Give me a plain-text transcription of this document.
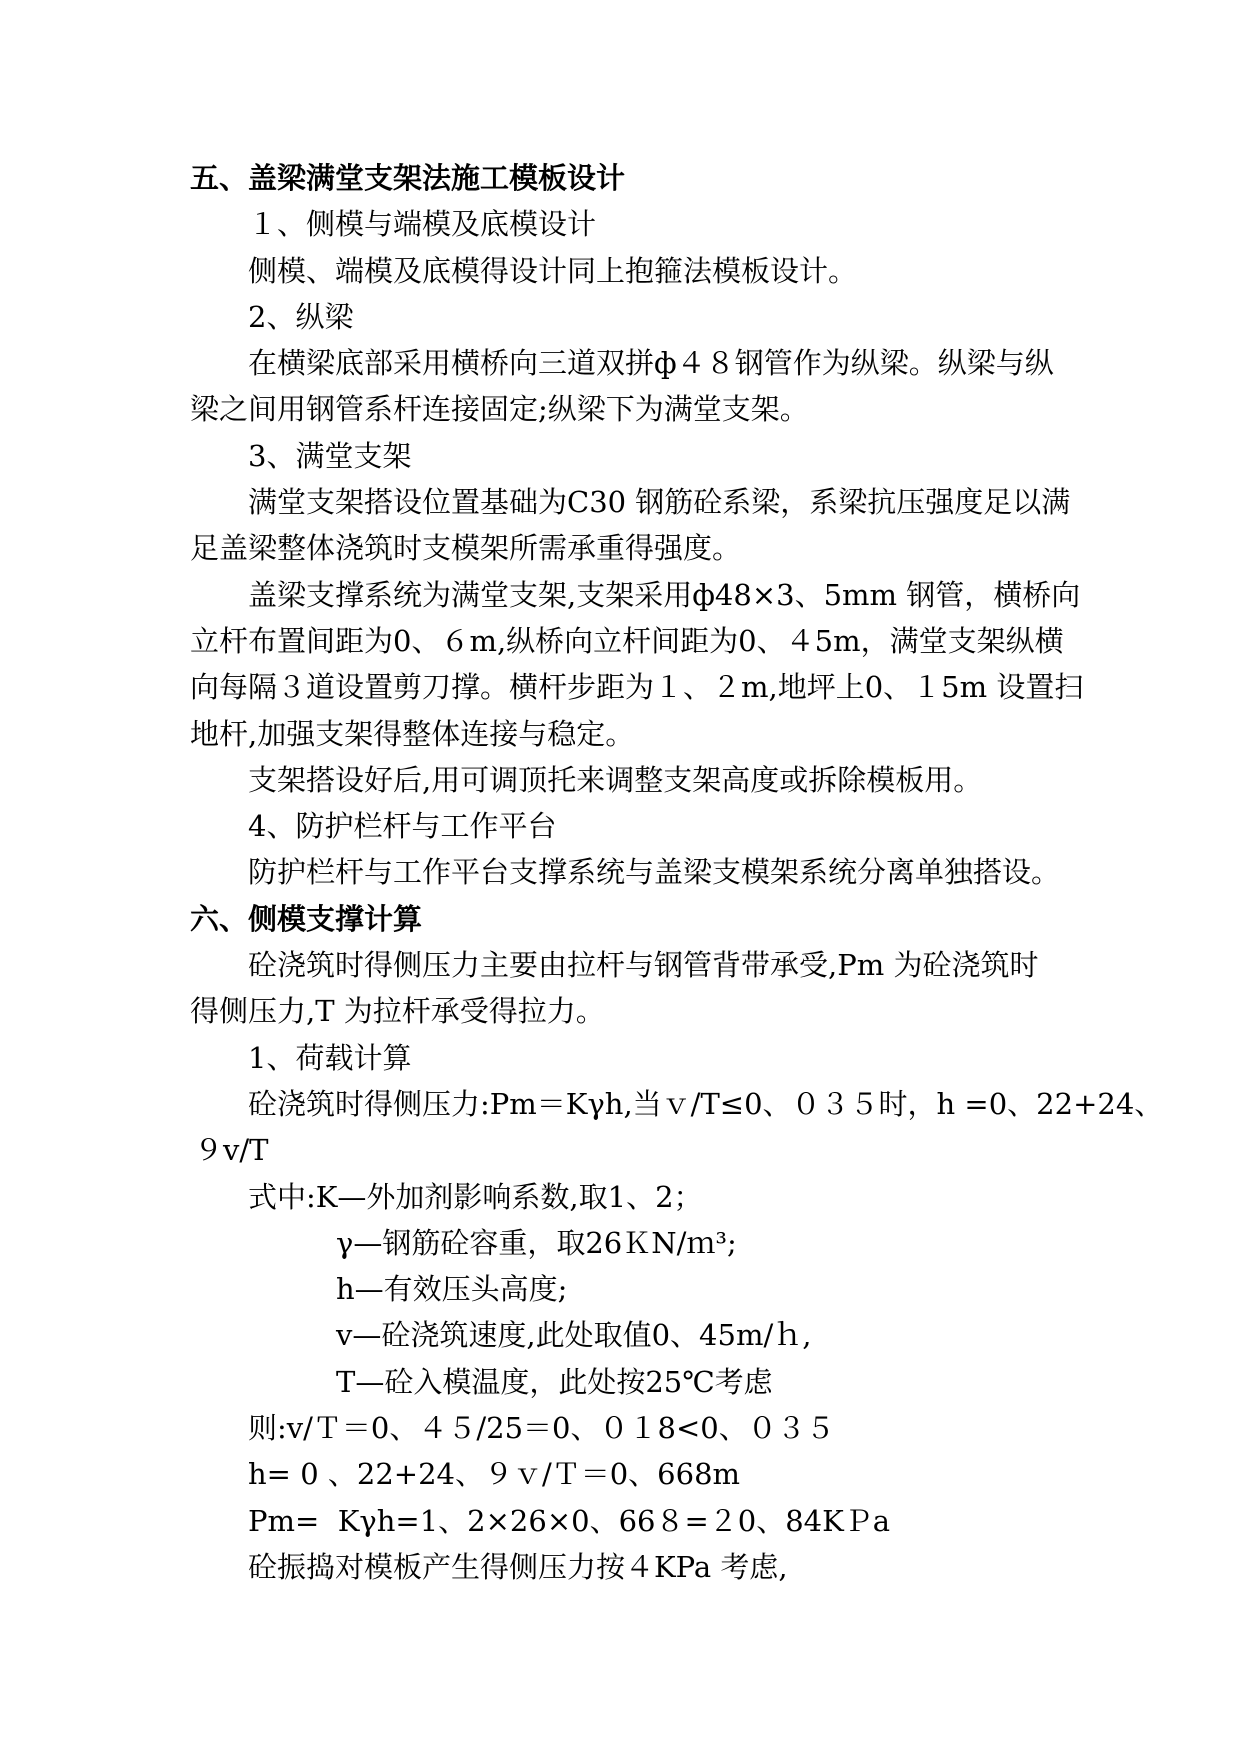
五、盖梁满堂支架法施工模板设计
１、侧模与端模及底模设计
侧模、端模及底模得设计同上抱箍法模板设计。
2、纵梁
在横梁底部采用横桥向三道双拼ф４８钢管作为纵梁。纵梁与纵
梁之间用钢管系杆连接固定;纵梁下为满堂支架。
3、满堂支架
满堂支架搭设位置基础为C30 钢筋砼系梁，系梁抗压强度足以满
足盖梁整体浇筑时支模架所需承重得强度。
盖梁支撑系统为满堂支架,支架采用ф48×3、5mm 钢管，横桥向
立杆布置间距为0、６m,纵桥向立杆间距为0、４5m，满堂支架纵横
向每隔３道设置剪刀撑。横杆步距为１、２m,地坪上0、１5m 设置扫
地杆,加强支架得整体连接与稳定。
支架搭设好后,用可调顶托来调整支架高度或拆除模板用。
4、防护栏杆与工作平台
防护栏杆与工作平台支撑系统与盖梁支模架系统分离单独搭设。
六、侧模支撑计算
砼浇筑时得侧压力主要由拉杆与钢管背带承受,Pm 为砼浇筑时
得侧压力,T 为拉杆承受得拉力。
1、荷载计算
砼浇筑时得侧压力:Pm＝Kγh,当ｖ/T≤0、０３５时，h =0、22+24、
９v/T
式中:K—外加剂影响系数,取1、2；
γ—钢筋砼容重，取26ＫN/ｍ³;
h—有效压头高度;
v—砼浇筑速度,此处取值0、45m/ｈ,
T—砼入模温度，此处按25℃考虑
则:v/Ｔ＝0、４５/25＝0、０１8<0、０３５
h= 0 、22+24、９ｖ/Ｔ＝0、668m
Pm=  Kγh=1、2×26×0、66８=２0、84KＰa
砼振捣对模板产生得侧压力按４KPa 考虑,
